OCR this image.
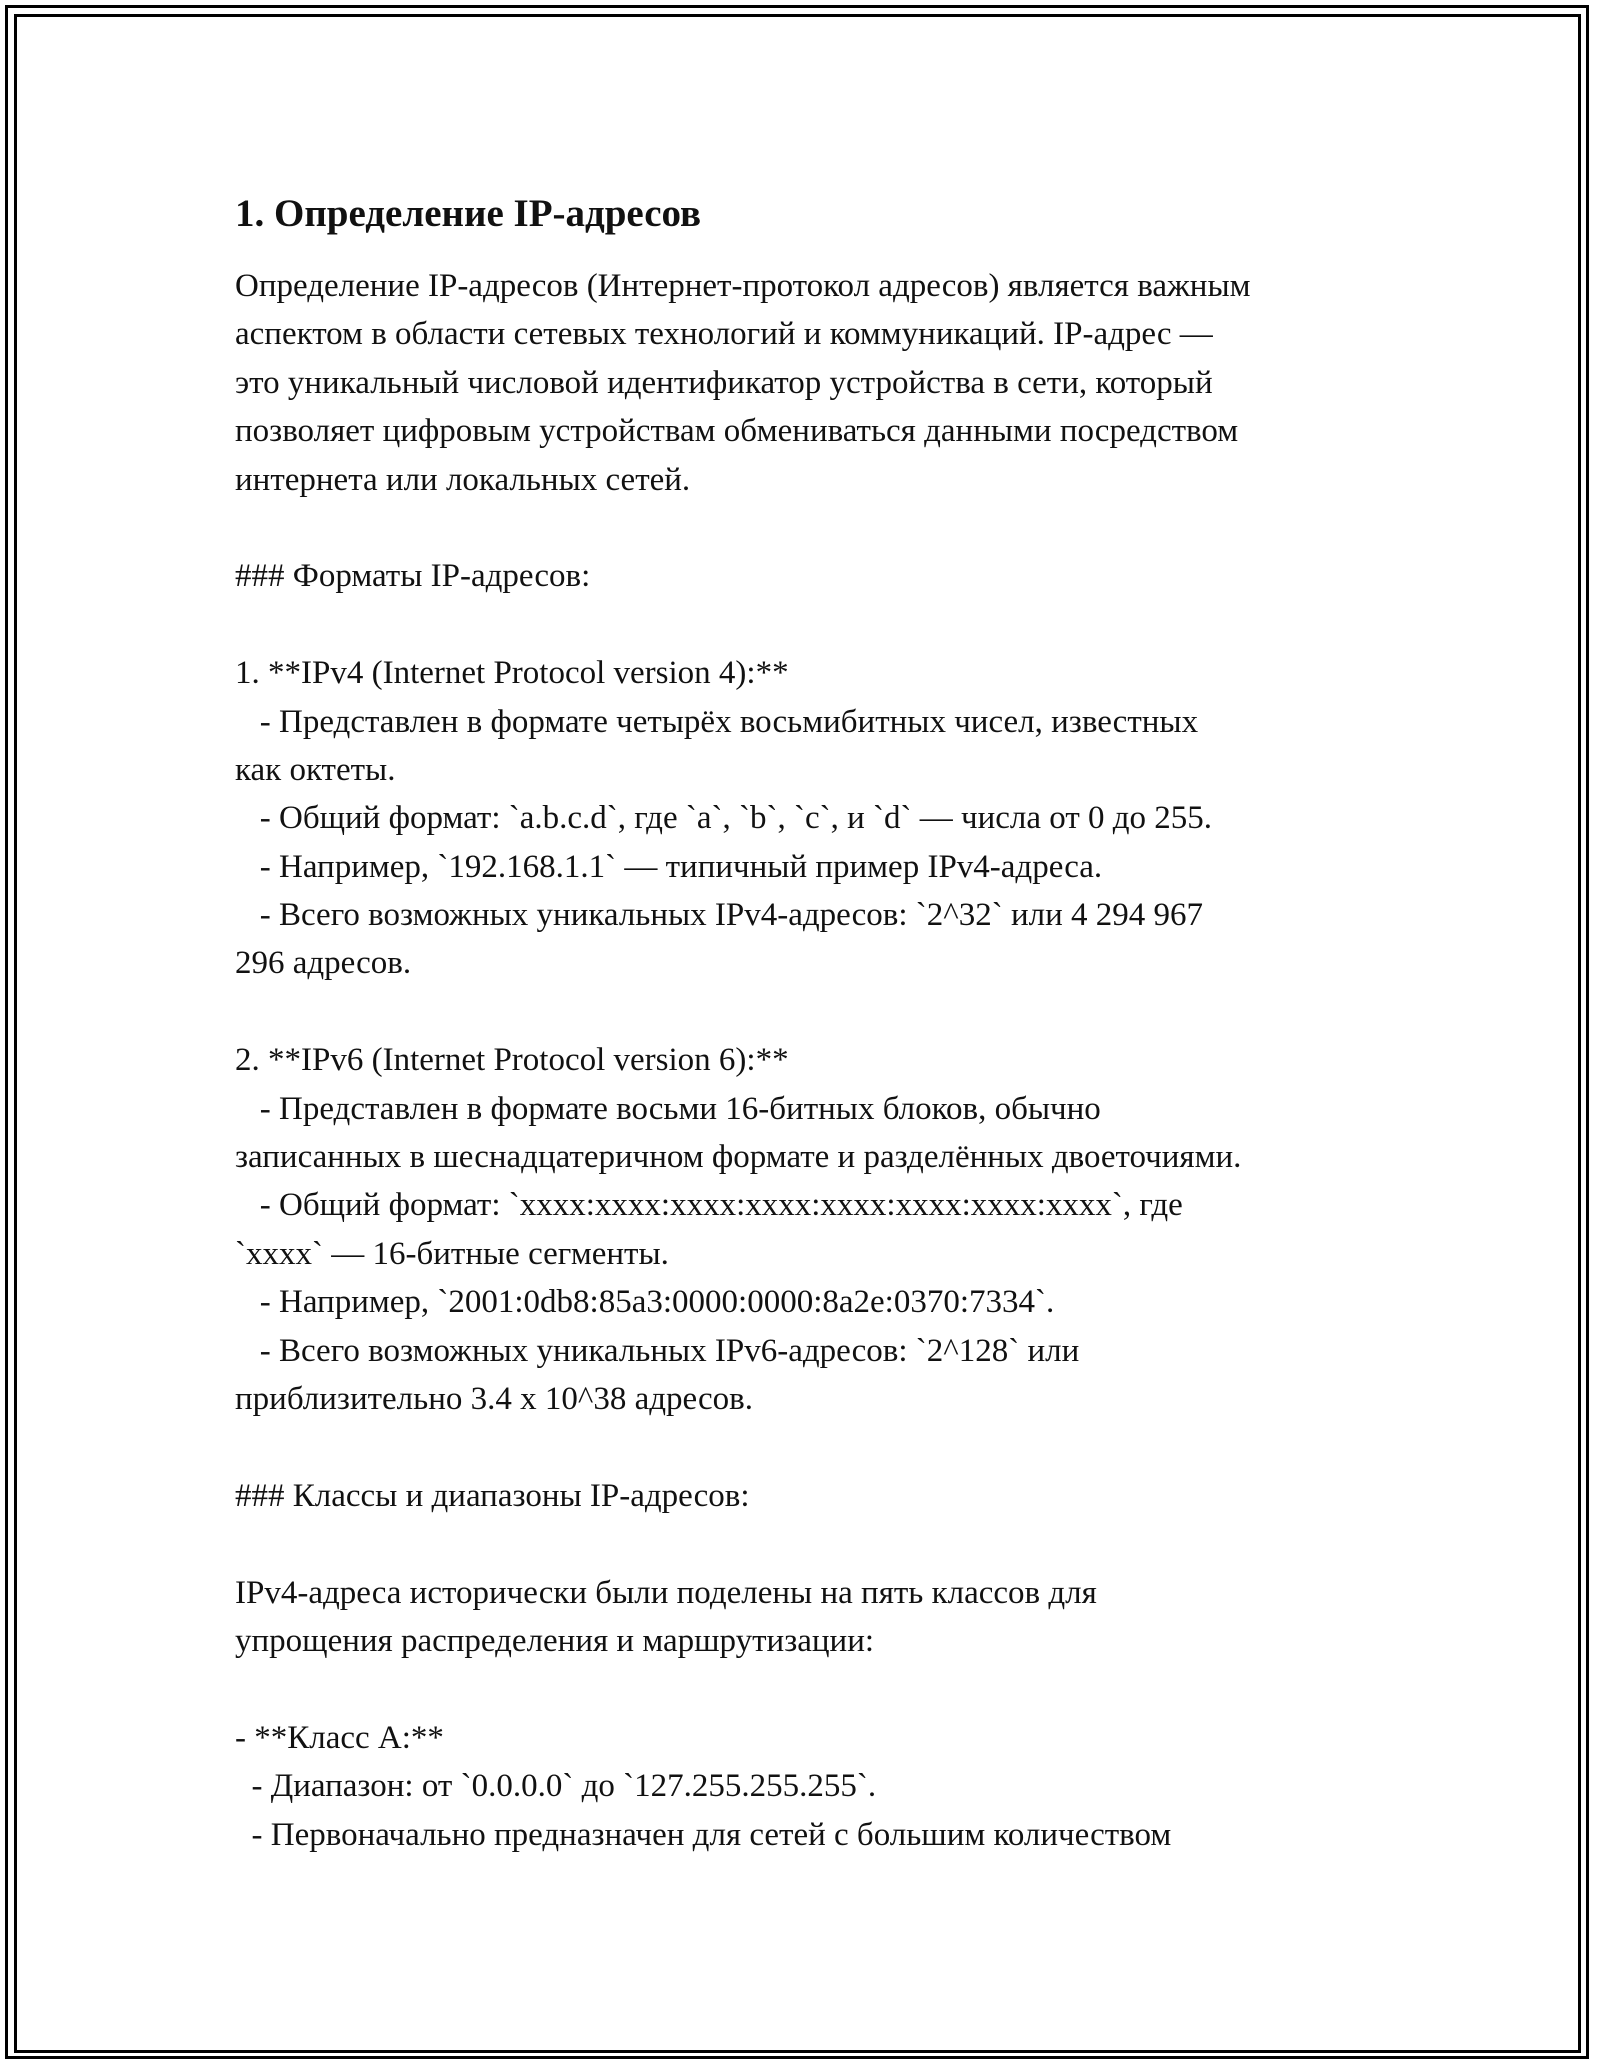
1. Определение IP-адресов
Определение IP-адресов (Интернет-протокол адресов) является важным
аспектом в области сетевых технологий и коммуникаций. IP-адрес —
это уникальный числовой идентификатор устройства в сети, который
позволяет цифровым устройствам обмениваться данными посредством
интернета или локальных сетей.
### Форматы IP-адресов:
1. **IPv4 (Internet Protocol version 4):**
- Представлен в формате четырёх восьмибитных чисел, известных
как октеты.
- Общий формат: `a.b.c.d`, где `a`, `b`, `c`, и `d` — числа от 0 до 255.
- Например, `192.168.1.1` — типичный пример IPv4-адреса.
- Всего возможных уникальных IPv4-адресов: `2^32` или 4 294 967
296 адресов.
2. **IPv6 (Internet Protocol version 6):**
- Представлен в формате восьми 16-битных блоков, обычно
записанных в шеснадцатеричном формате и разделённых двоеточиями.
- Общий формат: `xxxx:xxxx:xxxx:xxxx:xxxx:xxxx:xxxx:xxxx`, где
`xxxx` — 16-битные сегменты.
- Например, `2001:0db8:85a3:0000:0000:8a2e:0370:7334`.
- Всего возможных уникальных IPv6-адресов: `2^128` или
приблизительно 3.4 x 10^38 адресов.
### Классы и диапазоны IP-адресов:
IPv4-адреса исторически были поделены на пять классов для
упрощения распределения и маршрутизации:
- **Класс A:**
- Диапазон: от `0.0.0.0` до `127.255.255.255`.
- Первоначально предназначен для сетей с большим количеством
